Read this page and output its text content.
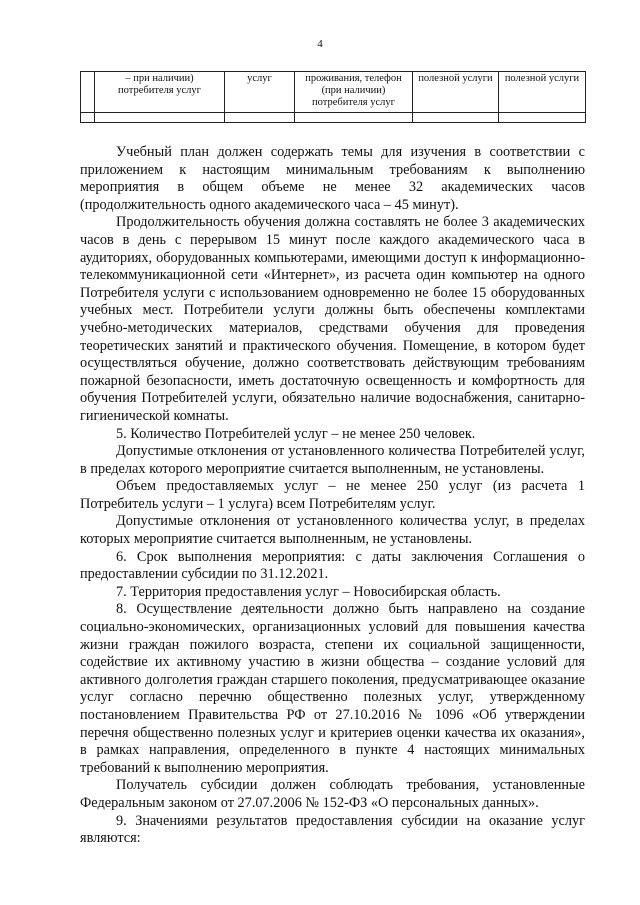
4
	– при наличии) потребителя услуг	услуг	проживания, телефон (при наличии) потребителя услуг	полезной услуги	полезной услуги

Учебный план должен содержать темы для изучения в соответствии с приложением к настоящим минимальным требованиям к выполнению мероприятия в общем объеме не менее 32 академических часов (продолжительность одного академического часа – 45 минут).

Продолжительность обучения должна составлять не более 3 академических часов в день с перерывом 15 минут после каждого академического часа в аудиториях, оборудованных компьютерами, имеющими доступ к информационно-телекоммуникационной сети «Интернет», из расчета один компьютер на одного Потребителя услуги с использованием одновременно не более 15 оборудованных учебных мест. Потребители услуги должны быть обеспечены комплектами учебно-методических материалов, средствами обучения для проведения теоретических занятий и практического обучения. Помещение, в котором будет осуществляться обучение, должно соответствовать действующим требованиям пожарной безопасности, иметь достаточную освещенность и комфортность для обучения Потребителей услуги, обязательно наличие водоснабжения, санитарно-гигиенической комнаты.

5. Количество Потребителей услуг – не менее 250 человек.

Допустимые отклонения от установленного количества Потребителей услуг, в пределах которого мероприятие считается выполненным, не установлены.

Объем предоставляемых услуг – не менее 250 услуг (из расчета 1 Потребитель услуги – 1 услуга) всем Потребителям услуг.

Допустимые отклонения от установленного количества услуг, в пределах которых мероприятие считается выполненным, не установлены.

6. Срок выполнения мероприятия: с даты заключения Соглашения о предоставлении субсидии по 31.12.2021.

7. Территория предоставления услуг – Новосибирская область.

8. Осуществление деятельности должно быть направлено на создание социально-экономических, организационных условий для повышения качества жизни граждан пожилого возраста, степени их социальной защищенности, содействие их активному участию в жизни общества – создание условий для активного долголетия граждан старшего поколения, предусматривающее оказание услуг согласно перечню общественно полезных услуг, утвержденному постановлением Правительства РФ от 27.10.2016 № 1096 «Об утверждении перечня общественно полезных услуг и критериев оценки качества их оказания», в рамках направления, определенного в пункте 4 настоящих минимальных требований к выполнению мероприятия.

Получатель субсидии должен соблюдать требования, установленные Федеральным законом от 27.07.2006 № 152-ФЗ «О персональных данных».

9. Значениями результатов предоставления субсидии на оказание услуг являются:
